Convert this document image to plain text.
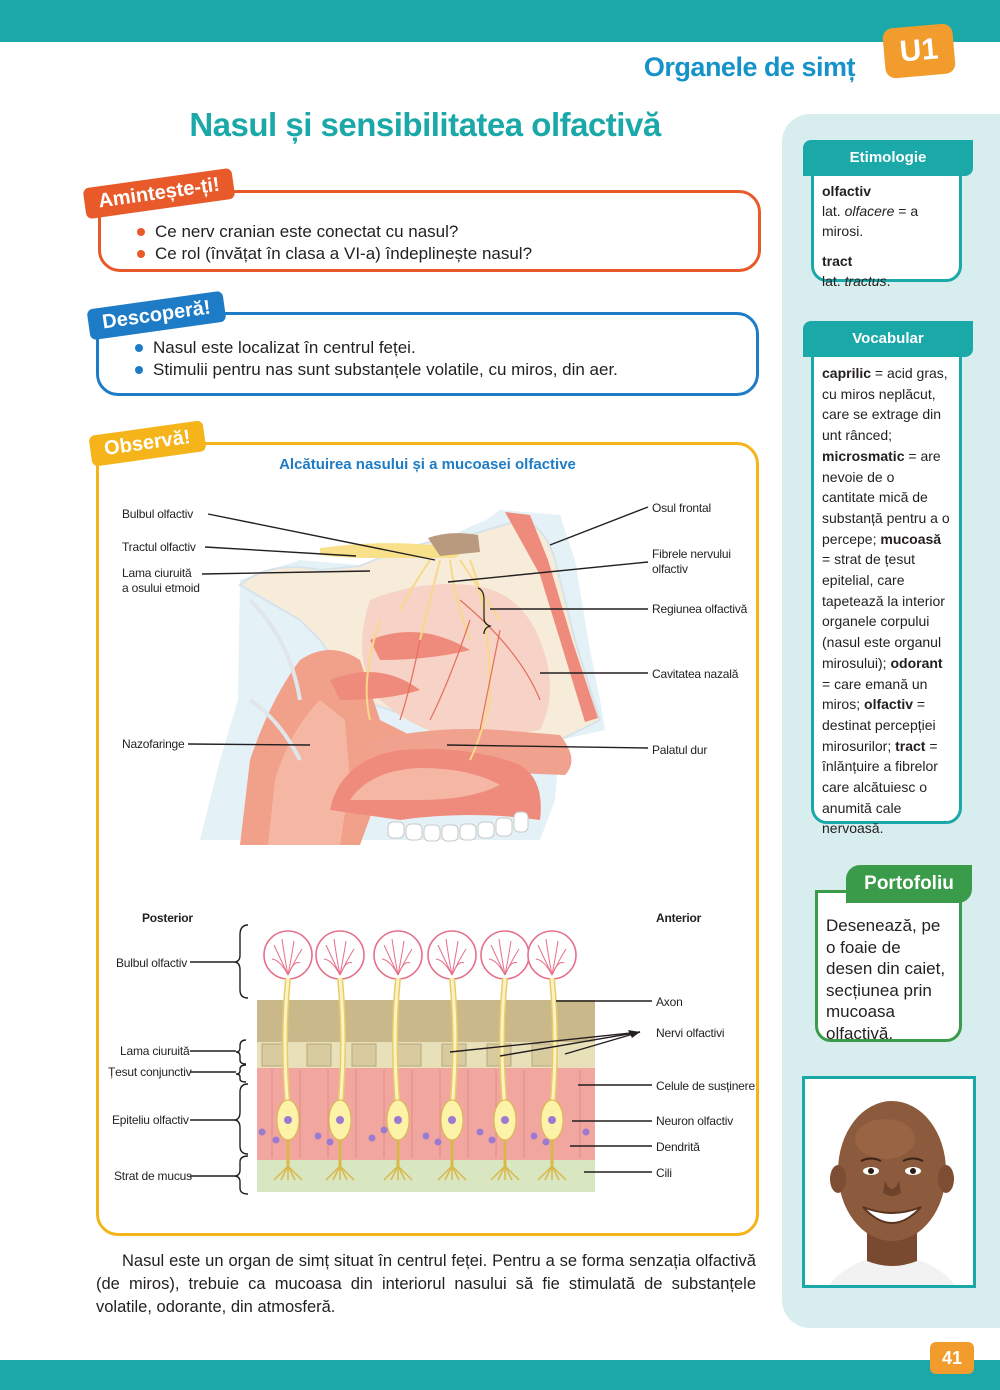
Organele de simț	U1
Nasul și sensibilitatea olfactivă
Ce nerv cranian este conectat cu nasul?
Ce rol (învățat în clasa a VI-a) îndeplinește nasul?
Amintește-ți!
Nasul este localizat în centrul feței.
Stimulii pentru nas sunt substanțele volatile, cu miros, din aer.
Descoperă!
Observă!
Alcătuirea nasului și a mucoasei olfactive
Bulbul olfactiv
Tractul olfactiv
Lama ciuruită
a osului etmoid
Nazofaringe
Osul frontal
Fibrele nervului
olfactiv
Regiunea olfactivă
Cavitatea nazală
Palatul dur
Posterior	Anterior
Bulbul olfactiv
Lama ciuruită
Țesut conjunctiv
Epiteliu olfactiv
Strat de mucus
Axon
Nervi olfactivi
Celule de susținere
Neuron olfactiv
Dendrită
Cili
Nasul este un organ de simț situat în centrul feței. Pentru a se forma senzația olfactivă (de miros), trebuie ca mucoasa din interiorul nasului să fie stimulată de substanțele volatile, odorante, din atmosferă.

olfactiv
lat. olfacere = a mirosi.

tract
lat. tractus.

Etimologie

caprilic = acid gras, cu miros neplăcut, care se extrage din unt rânced; microsmatic = are nevoie de o cantitate mică de substanță pentru a o percepe; mucoasă = strat de țesut epitelial, care tapetează la interior organele corpului (nasul este organul mirosului); odorant = care emană un miros; olfactiv = destinat percepției mirosurilor; tract = înlănțuire a fibrelor care alcătuiesc o anumită cale nervoasă.

Vocabular

Desenează, pe o foaie de desen din caiet, secțiunea prin mucoasa olfactivă.

Portofoliu
41
